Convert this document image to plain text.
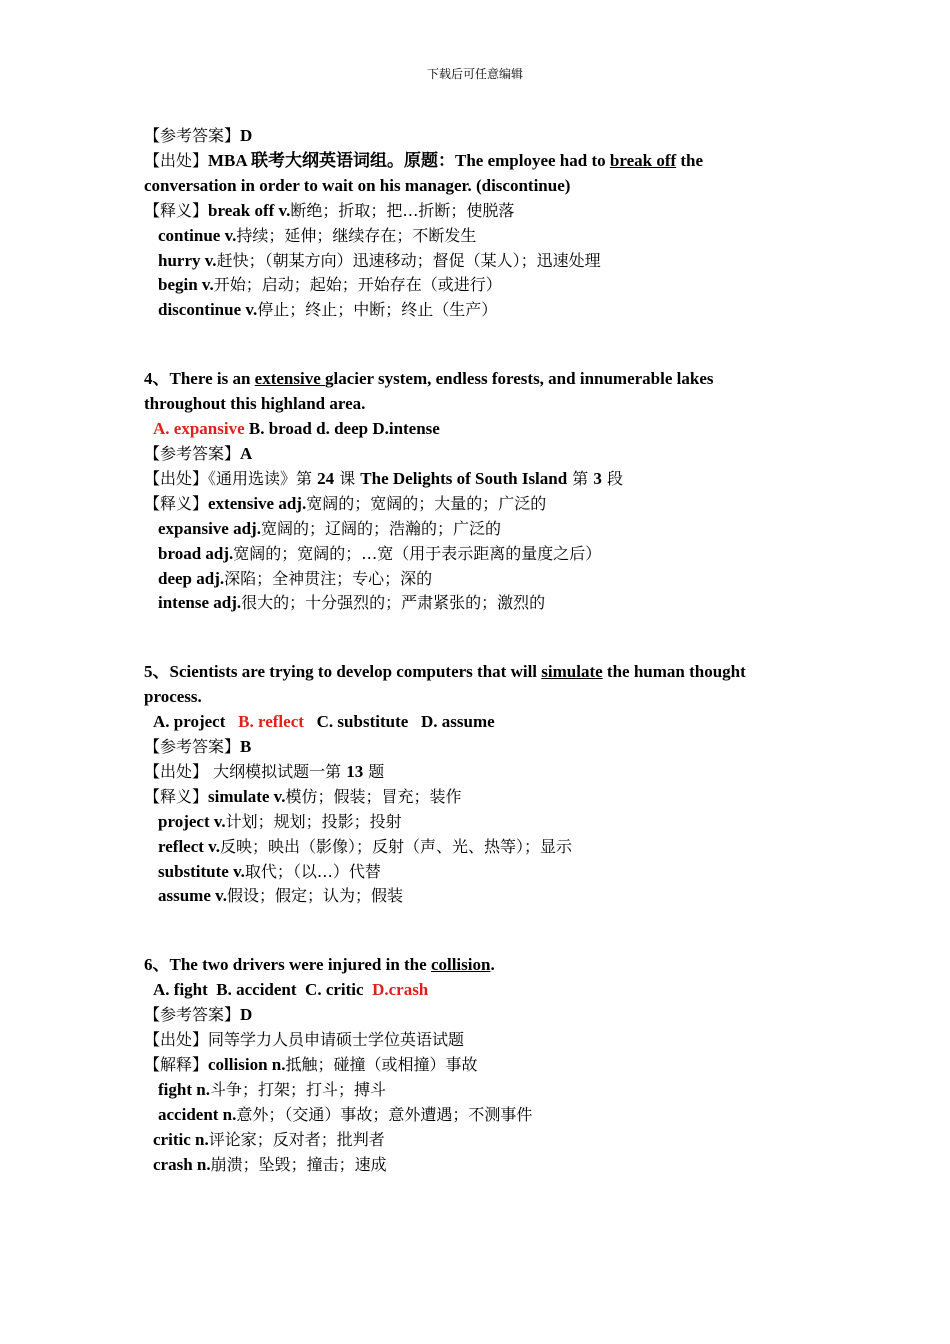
下载后可任意编辑
【参考答案】D
【出处】MBA 联考大纲英语词组。原题：The employee had to break off the
conversation in order to wait on his manager. (discontinue)
【释义】break off v.断绝；折取；把…折断；使脱落
continue v.持续；延伸；继续存在；不断发生
hurry v.赶快；（朝某方向）迅速移动；督促（某人）；迅速处理
begin v.开始；启动；起始；开始存在（或进行）
discontinue v.停止；终止；中断；终止（生产）
4、There is an extensive glacier system, endless forests, and innumerable lakes
throughout this highland area.
A. expansive B. broad d. deep D.intense
【参考答案】A
【出处】《通用选读》第 24 课 The Delights of South Island 第 3 段
【释义】extensive adj.宽阔的；宽阔的；大量的；广泛的
expansive adj.宽阔的；辽阔的；浩瀚的；广泛的
broad adj.宽阔的；宽阔的；…宽（用于表示距离的量度之后）
deep adj.深陷；全神贯注；专心；深的
intense adj.很大的；十分强烈的；严肃紧张的；激烈的
5、Scientists are trying to develop computers that will simulate the human thought
process.
A. project   B. reflect   C. substitute   D. assume
【参考答案】B
【出处】 大纲模拟试题一第 13 题
【释义】simulate v.模仿；假装；冒充；装作
project v.计划；规划；投影；投射
reflect v.反映；映出（影像）；反射（声、光、热等）；显示
substitute v.取代；（以…）代替
assume v.假设；假定；认为；假装
6、The two drivers were injured in the collision.
A. fight  B. accident  C. critic  D.crash
【参考答案】D
【出处】同等学力人员申请硕士学位英语试题
【解释】collision n.抵触；碰撞（或相撞）事故
fight n.斗争；打架；打斗；搏斗
accident n.意外；（交通）事故；意外遭遇；不测事件
critic n.评论家；反对者；批判者
crash n.崩溃；坠毁；撞击；速成
